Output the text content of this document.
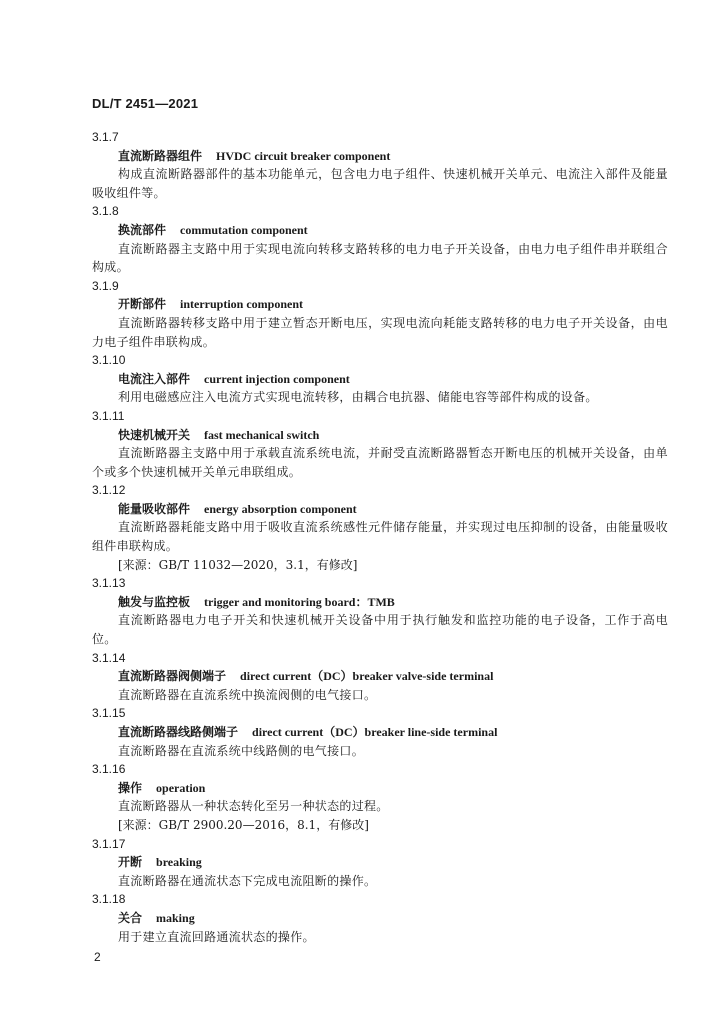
DL/T 2451—2021
3.1.7
直流断路器组件 HVDC circuit breaker component
构成直流断路器部件的基本功能单元，包含电力电子组件、快速机械开关单元、电流注入部件及能量吸收组件等。
3.1.8
换流部件 commutation component
直流断路器主支路中用于实现电流向转移支路转移的电力电子开关设备，由电力电子组件串并联组合构成。
3.1.9
开断部件 interruption component
直流断路器转移支路中用于建立暂态开断电压，实现电流向耗能支路转移的电力电子开关设备，由电力电子组件串联构成。
3.1.10
电流注入部件 current injection component
利用电磁感应注入电流方式实现电流转移，由耦合电抗器、储能电容等部件构成的设备。
3.1.11
快速机械开关 fast mechanical switch
直流断路器主支路中用于承载直流系统电流，并耐受直流断路器暂态开断电压的机械开关设备，由单个或多个快速机械开关单元串联组成。
3.1.12
能量吸收部件 energy absorption component
直流断路器耗能支路中用于吸收直流系统感性元件储存能量，并实现过电压抑制的设备，由能量吸收组件串联构成。
[来源：GB/T 11032—2020，3.1，有修改]
3.1.13
触发与监控板 trigger and monitoring board：TMB
直流断路器电力电子开关和快速机械开关设备中用于执行触发和监控功能的电子设备，工作于高电位。
3.1.14
直流断路器阀侧端子 direct current（DC）breaker valve-side terminal
直流断路器在直流系统中换流阀侧的电气接口。
3.1.15
直流断路器线路侧端子 direct current（DC）breaker line-side terminal
直流断路器在直流系统中线路侧的电气接口。
3.1.16
操作 operation
直流断路器从一种状态转化至另一种状态的过程。
[来源：GB/T 2900.20—2016，8.1，有修改]
3.1.17
开断 breaking
直流断路器在通流状态下完成电流阻断的操作。
3.1.18
关合 making
用于建立直流回路通流状态的操作。
2
